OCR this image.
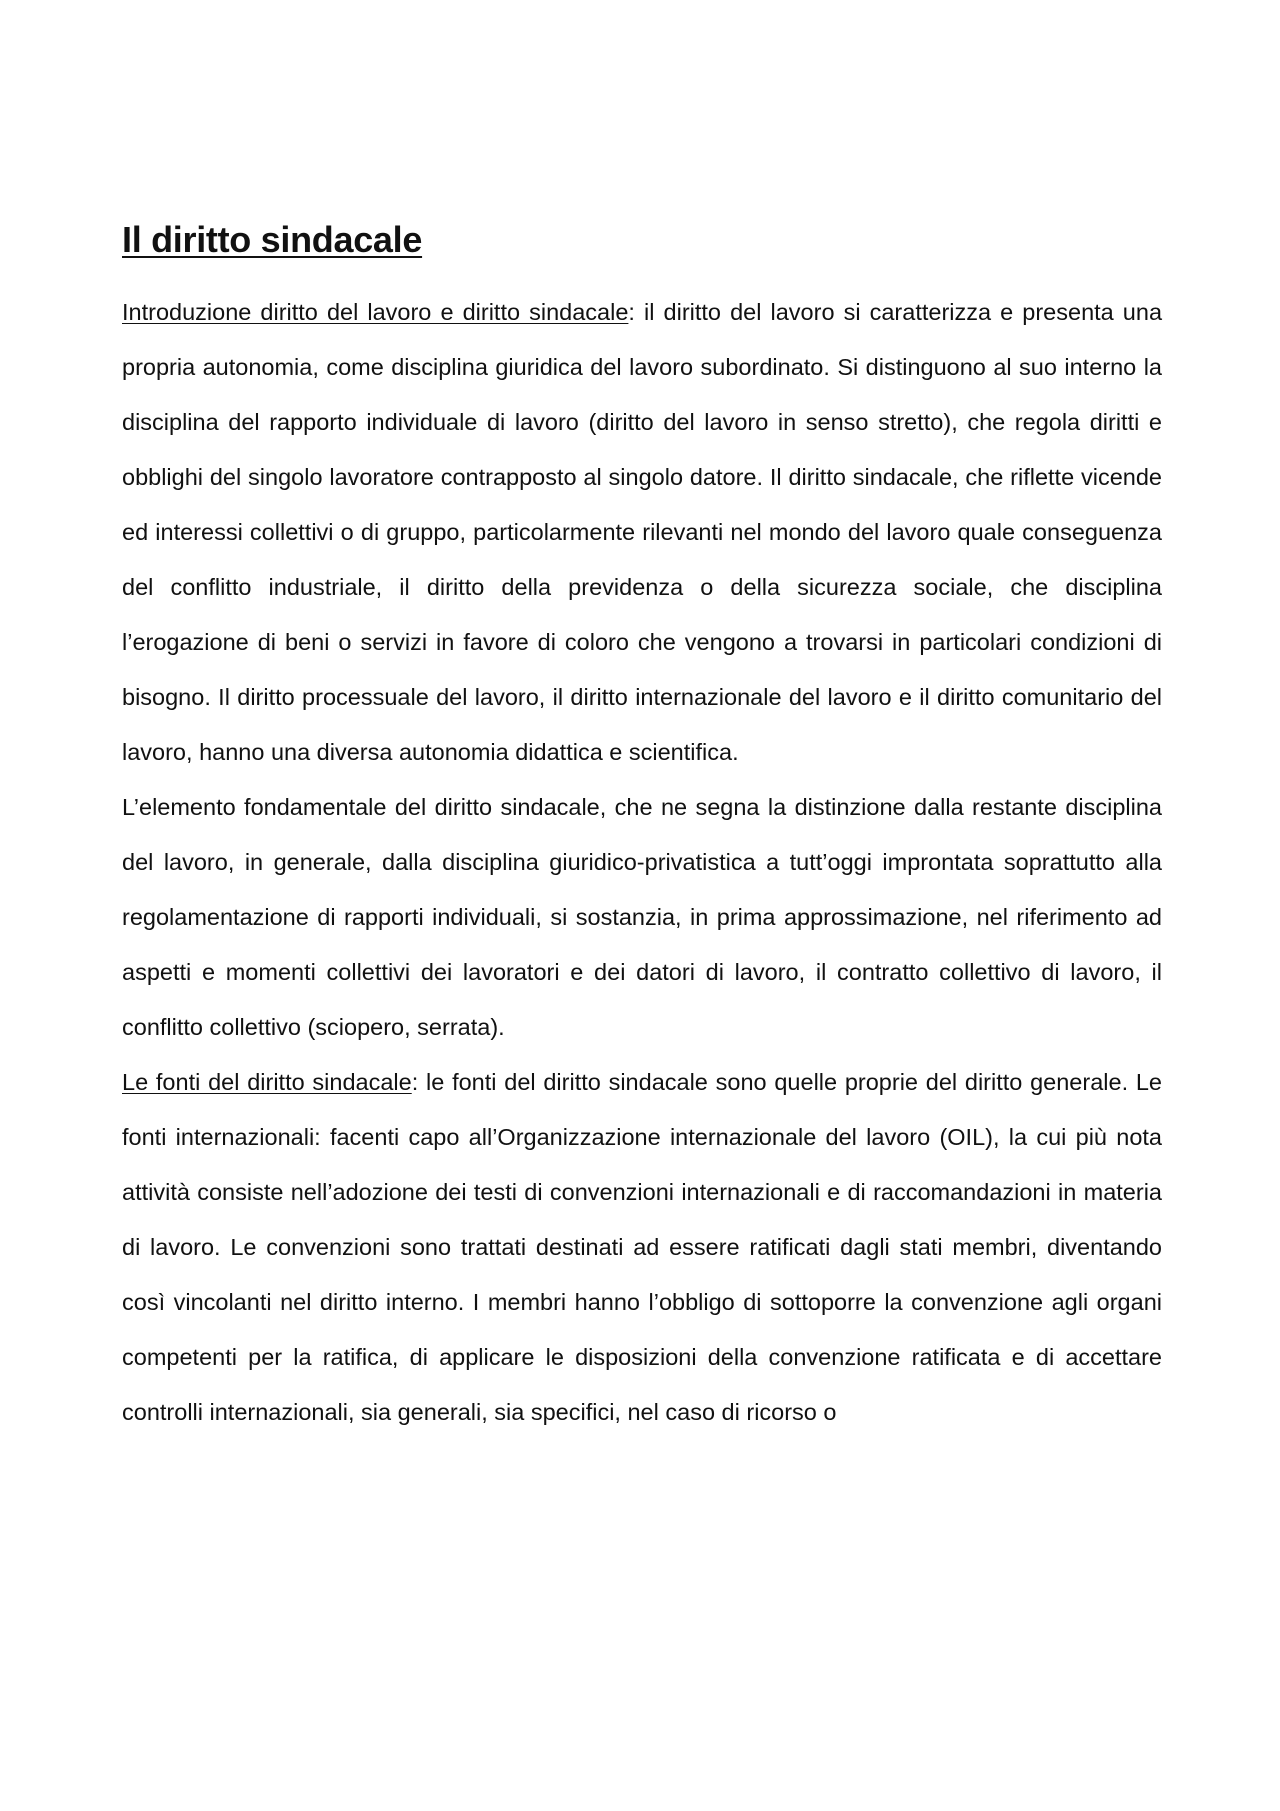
Il diritto sindacale

Introduzione diritto del lavoro e diritto sindacale: il diritto del lavoro si caratterizza e presenta una propria autonomia, come disciplina giuridica del lavoro subordinato. Si distinguono al suo interno la disciplina del rapporto individuale di lavoro (diritto del lavoro in senso stretto), che regola diritti e obblighi del singolo lavoratore contrapposto al singolo datore. Il diritto sindacale, che riflette vicende ed interessi collettivi o di gruppo, particolarmente rilevanti nel mondo del lavoro quale conseguenza del conflitto industriale, il diritto della previdenza o della sicurezza sociale, che disciplina l’erogazione di beni o servizi in favore di coloro che vengono a trovarsi in particolari condizioni di bisogno. Il diritto processuale del lavoro, il diritto internazionale del lavoro e il diritto comunitario del lavoro, hanno una diversa autonomia didattica e scientifica.

L’elemento fondamentale del diritto sindacale, che ne segna la distinzione dalla restante disciplina del lavoro, in generale, dalla disciplina giuridico-privatistica a tutt’oggi improntata soprattutto alla regolamentazione di rapporti individuali, si sostanzia, in prima approssimazione, nel riferimento ad aspetti e momenti collettivi dei lavoratori e dei datori di lavoro, il contratto collettivo di lavoro, il conflitto collettivo (sciopero, serrata).

Le fonti del diritto sindacale: le fonti del diritto sindacale sono quelle proprie del diritto generale. Le fonti internazionali: facenti capo all’Organizzazione internazionale del lavoro (OIL), la cui più nota attività consiste nell’adozione dei testi di convenzioni internazionali e di raccomandazioni in materia di lavoro. Le convenzioni sono trattati destinati ad essere ratificati dagli stati membri, diventando così vincolanti nel diritto interno. I membri hanno l’obbligo di sottoporre la convenzione agli organi competenti per la ratifica, di applicare le disposizioni della convenzione ratificata e di accettare controlli internazionali, sia generali, sia specifici, nel caso di ricorso o
